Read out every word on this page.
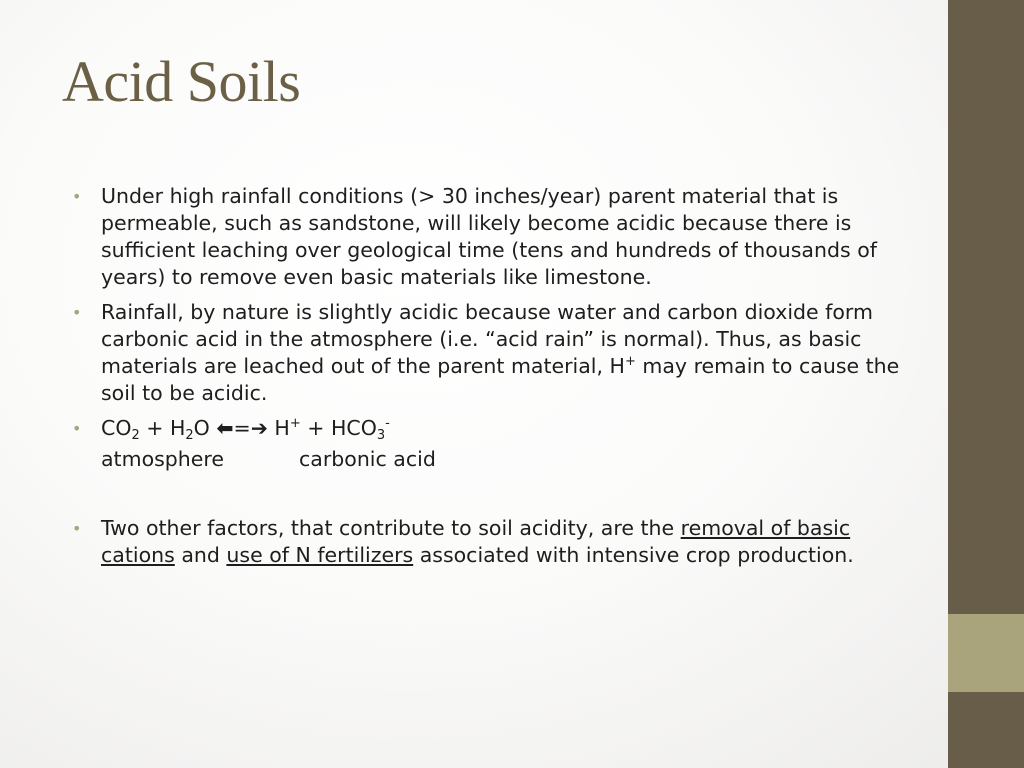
Acid Soils
• Under high rainfall conditions (> 30 inches/year) parent material that is permeable, such as sandstone, will likely become acidic because there is sufficient leaching over geological time (tens and hundreds of thousands of years) to remove even basic materials like limestone.
• Rainfall, by nature is slightly acidic because water and carbon dioxide form carbonic acid in the atmosphere (i.e. “acid rain” is normal). Thus, as basic materials are leached out of the parent material, H+ may remain to cause the soil to be acidic.
• $CO_2 + H_2O$ ⬅=➔ $H^+ + HCO_3^-$
atmosphere	carbonic acid
• Two other factors, that contribute to soil acidity, are the removal of basic cations and use of N fertilizers associated with intensive crop production.
